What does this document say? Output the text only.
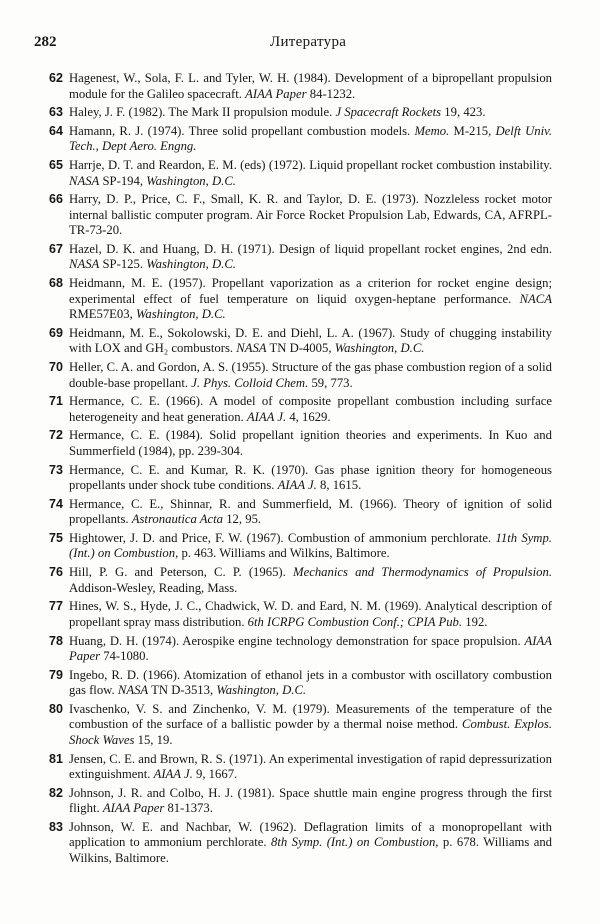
282	Литература
62 Hagenest, W., Sola, F. L. and Tyler, W. H. (1984). Development of a bipropellant propulsion module for the Galileo spacecraft. AIAA Paper 84-1232.
63 Haley, J. F. (1982). The Mark II propulsion module. J Spacecraft Rockets 19, 423.
64 Hamann, R. J. (1974). Three solid propellant combustion models. Memo. M-215, Delft Univ. Tech., Dept Aero. Engng.
65 Harrje, D. T. and Reardon, E. M. (eds) (1972). Liquid propellant rocket combustion instability. NASA SP-194, Washington, D.C.
66 Harry, D. P., Price, C. F., Small, K. R. and Taylor, D. E. (1973). Nozzleless rocket motor internal ballistic computer program. Air Force Rocket Propulsion Lab, Edwards, CA, AFRPL-TR-73-20.
67 Hazel, D. K. and Huang, D. H. (1971). Design of liquid propellant rocket engines, 2nd edn. NASA SP-125. Washington, D.C.
68 Heidmann, M. E. (1957). Propellant vaporization as a criterion for rocket engine design; experimental effect of fuel temperature on liquid oxygen-heptane performance. NACA RME57E03, Washington, D.C.
69 Heidmann, M. E., Sokolowski, D. E. and Diehl, L. A. (1967). Study of chugging instability with LOX and GH₂ combustors. NASA TN D-4005, Washington, D.C.
70 Heller, C. A. and Gordon, A. S. (1955). Structure of the gas phase combustion region of a solid double-base propellant. J. Phys. Colloid Chem. 59, 773.
71 Hermance, C. E. (1966). A model of composite propellant combustion including surface heterogeneity and heat generation. AIAA J. 4, 1629.
72 Hermance, C. E. (1984). Solid propellant ignition theories and experiments. In Kuo and Summerfield (1984), pp. 239-304.
73 Hermance, C. E. and Kumar, R. K. (1970). Gas phase ignition theory for homogeneous propellants under shock tube conditions. AIAA J. 8, 1615.
74 Hermance, C. E., Shinnar, R. and Summerfield, M. (1966). Theory of ignition of solid propellants. Astronautica Acta 12, 95.
75 Hightower, J. D. and Price, F. W. (1967). Combustion of ammonium perchlorate. 11th Symp. (Int.) on Combustion, p. 463. Williams and Wilkins, Baltimore.
76 Hill, P. G. and Peterson, C. P. (1965). Mechanics and Thermodynamics of Propulsion. Addison-Wesley, Reading, Mass.
77 Hines, W. S., Hyde, J. C., Chadwick, W. D. and Eard, N. M. (1969). Analytical description of propellant spray mass distribution. 6th ICRPG Combustion Conf.; CPIA Pub. 192.
78 Huang, D. H. (1974). Aerospike engine technology demonstration for space propulsion. AIAA Paper 74-1080.
79 Ingebo, R. D. (1966). Atomization of ethanol jets in a combustor with oscillatory combustion gas flow. NASA TN D-3513, Washington, D.C.
80 Ivaschenko, V. S. and Zinchenko, V. M. (1979). Measurements of the temperature of the combustion of the surface of a ballistic powder by a thermal noise method. Combust. Explos. Shock Waves 15, 19.
81 Jensen, C. E. and Brown, R. S. (1971). An experimental investigation of rapid depressurization extinguishment. AIAA J. 9, 1667.
82 Johnson, J. R. and Colbo, H. J. (1981). Space shuttle main engine progress through the first flight. AIAA Paper 81-1373.
83 Johnson, W. E. and Nachbar, W. (1962). Deflagration limits of a monopropellant with application to ammonium perchlorate. 8th Symp. (Int.) on Combustion, p. 678. Williams and Wilkins, Baltimore.
